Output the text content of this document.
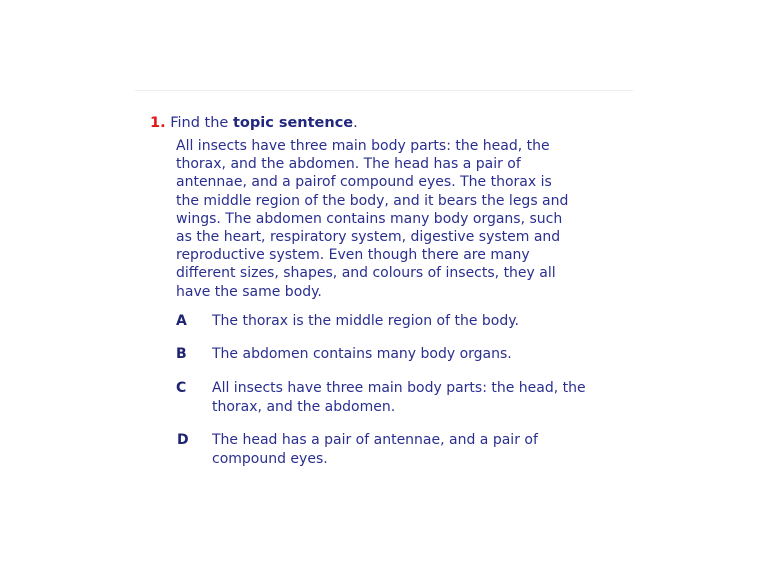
1. Find the topic sentence.
All insects have three main body parts: the head, the
thorax, and the abdomen. The head has a pair of
antennae, and a pairof compound eyes. The thorax is
the middle region of the body, and it bears the legs and
wings. The abdomen contains many body organs, such
as the heart, respiratory system, digestive system and
reproductive system. Even though there are many
different sizes, shapes, and colours of insects, they all
have the same body.
A The thorax is the middle region of the body.
B The abdomen contains many body organs.
C All insects have three main body parts: the head, the
thorax, and the abdomen.
D The head has a pair of antennae, and a pair of
compound eyes.
